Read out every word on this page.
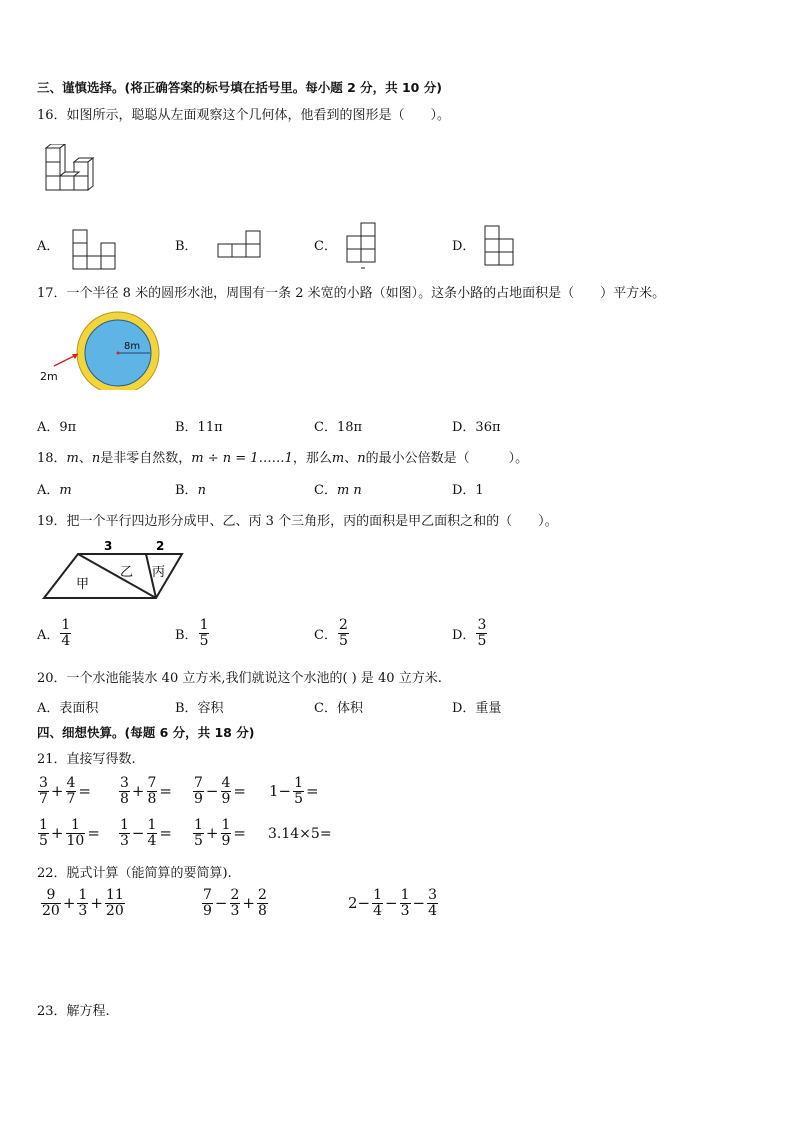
三、谨慎选择。(将正确答案的标号填在括号里。每小题 2 分，共 10 分)
16．如图所示，聪聪从左面观察这个几何体，他看到的图形是（　　）。
A．	B．	C．	D．
17．一个半径 8 米的圆形水池，周围有一条 2 米宽的小路（如图）。这条小路的占地面积是（　　）平方米。
8m
2m
A．9π	B．11π	C．18π	D．36π
18．m、n是非零自然数，m ÷ n = 1……1，那么m、n的最小公倍数是（　　　）。
A．m	B．n	C．m n	D．1
19．把一个平行四边形分成甲、乙、丙 3 个三角形，丙的面积是甲乙面积之和的（　　）。
3	2
甲
乙 丙
A． $\frac{1}{4}$	B． $\frac{1}{5}$	C． $\frac{2}{5}$	D． $\frac{3}{5}$
20．一个水池能装水 40 立方米,我们就说这个水池的( ) 是 40 立方米.
A．表面积	B．容积	C．体积	D．重量
四、细想快算。(每题 6 分，共 18 分)
21．直接写得数.
$\frac{3}{7} + \frac{4}{7} = \frac{3}{8} + \frac{7}{8} = \frac{7}{9} - \frac{4}{9} = 1- \frac{1}{5}$ =
$\frac{1}{5} + \frac{1}{10} = \frac{1}{3} - \frac{1}{4} = \frac{1}{5} + \frac{1}{9} = 3.14\times 5$ =
22．脱式计算（能简算的要简算).
$\frac{9}{20} + \frac{1}{3} + \frac{11}{20}$	$\frac{7}{9} - \frac{2}{3} + \frac{2}{8}$	$2- \frac{1}{4} - \frac{1}{3} - \frac{3}{4}$
23．解方程.
